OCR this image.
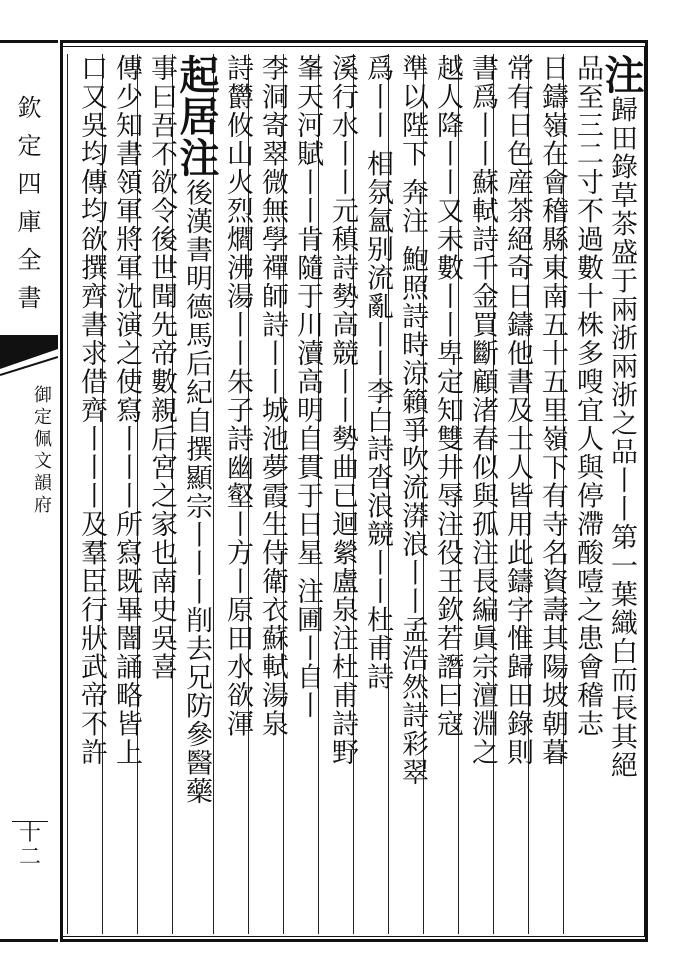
欽定四庫全書
御定佩文韻府
十二
注歸田錄草茶盛于兩浙兩浙之品丨丨第一葉織白而長其絕
品至三二寸不過數十株多嗖宜人與停滯酸噎之患會稽志
日鑄嶺在會稽縣東南五十五里嶺下有寺名資壽其陽坡朝暮
常有日色産茶絕奇日鑄他書及士人皆用此鑄字惟歸田錄則
書爲丨丨蘇軾詩千金買斷顧渚春似與孤注長編眞宗澶淵之
越人降丨丨又未數丨丨卑定知雙井辱注役王欽若譖曰寇
準以陛下 奔注 鮑照詩時涼籟爭吹流漭浪丨丨孟浩然詩彩翠
爲丨丨 相氛氳别流亂丨丨李白詩沓浪競丨丨杜甫詩
溪行水丨丨元稹詩勢高競丨丨勢曲已迴縈盧泉注杜甫詩野
峯天河賦丨丨肯隨于川瀆高明自貫于日星 注圃丨自丨
李洞寄翠微無學禪師詩丨丨城池夢霞生侍衛衣蘇軾湯泉
詩欝攸山火烈爓沸湯丨丨朱子詩幽壑丨方丨原田水欲渾
起居注後漢書明德馬后紀自撰顯宗丨丨丨削去兄防參醫藥
事曰吾不欲令後世聞先帝數親后宮之家也南史吳喜
傳少知書領軍將軍沈演之使寫丨丨丨所寫既畢闇誦略皆上
口又吳均傳均欲撰齊書求借齊丨丨丨及羣臣行狀武帝不許
